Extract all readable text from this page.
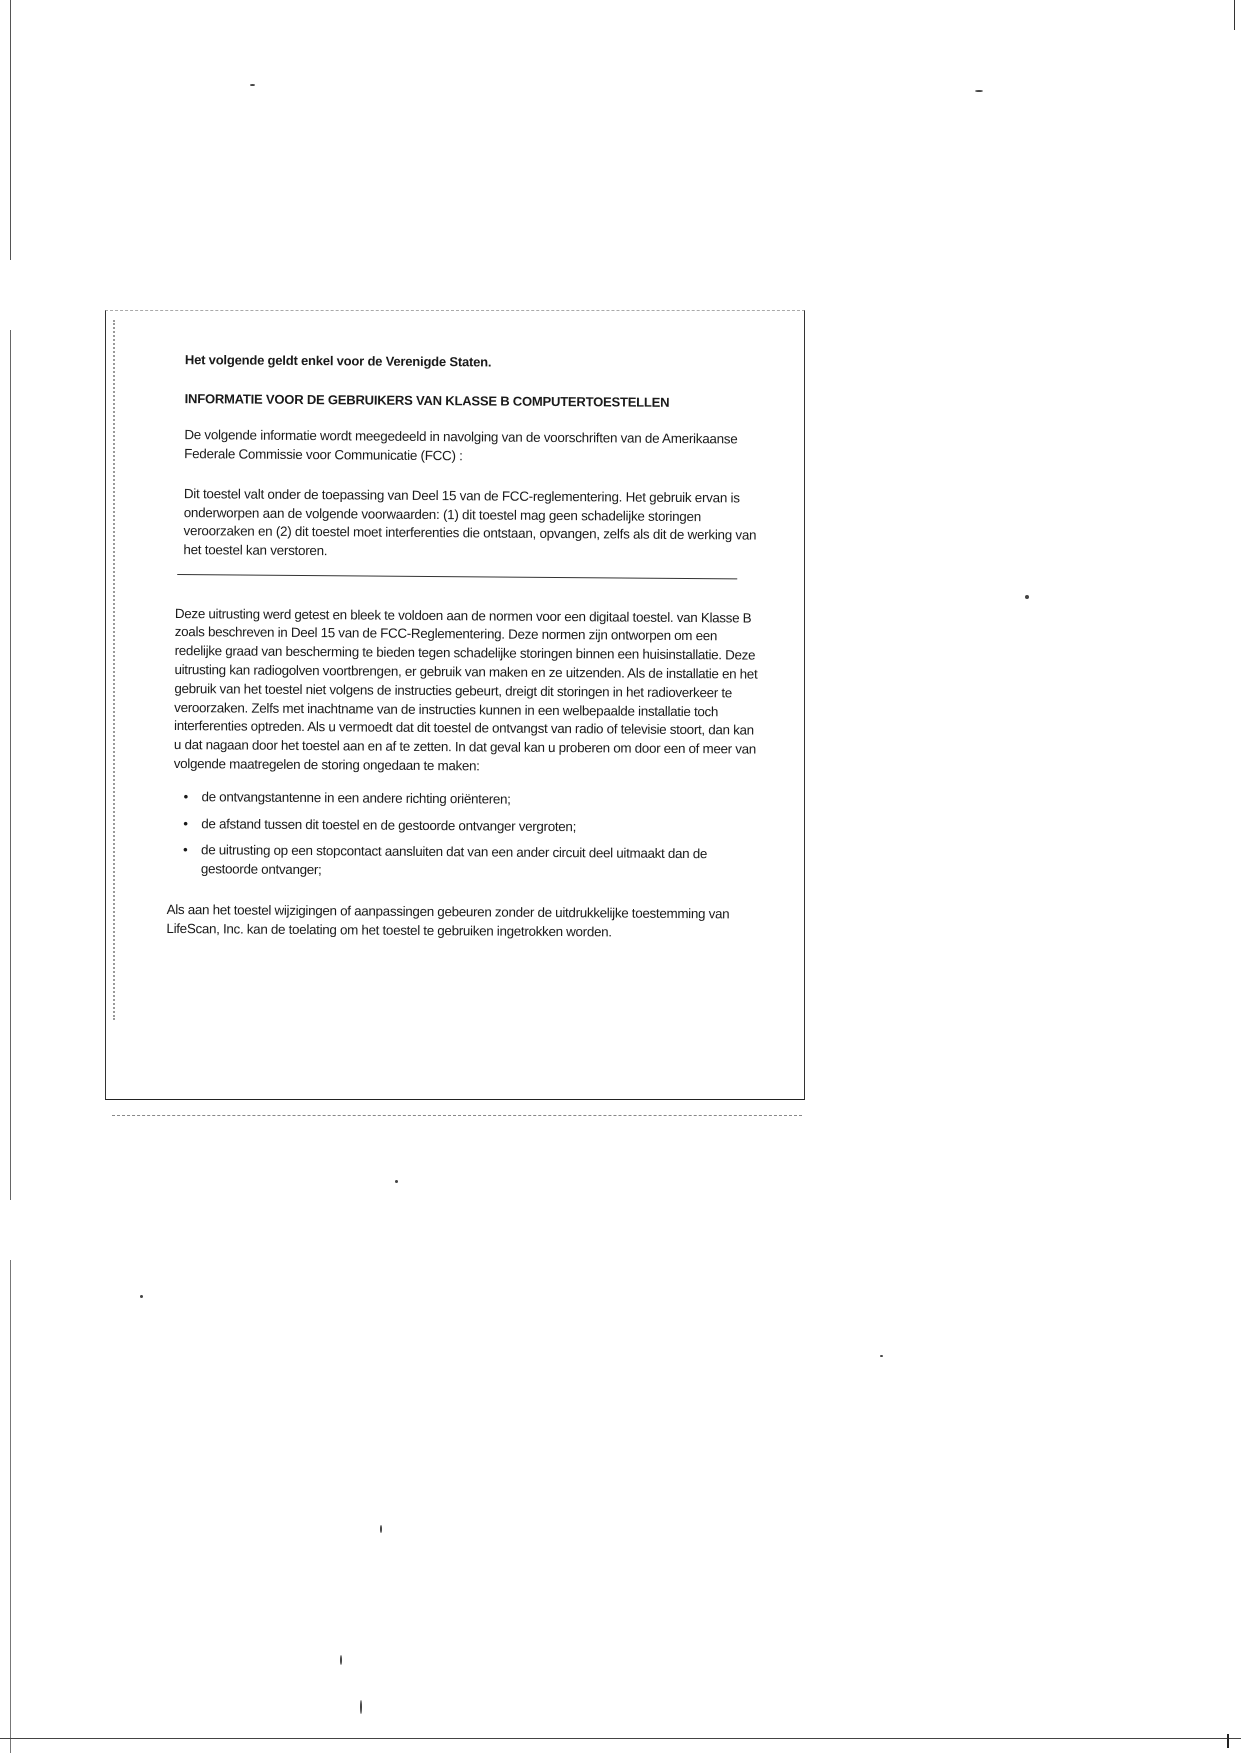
Het volgende geldt enkel voor de Verenigde Staten.

INFORMATIE VOOR DE GEBRUIKERS VAN KLASSE B COMPUTERTOESTELLEN

De volgende informatie wordt meegedeeld in navolging van de voorschriften van de Amerikaanse Federale Commissie voor Communicatie (FCC) :

Dit toestel valt onder de toepassing van Deel 15 van de FCC-reglementering. Het gebruik ervan is onderworpen aan de volgende voorwaarden: (1) dit toestel mag geen schadelijke storingen veroorzaken en (2) dit toestel moet interferenties die ontstaan, opvangen, zelfs als dit de werking van het toestel kan verstoren.

Deze uitrusting werd getest en bleek te voldoen aan de normen voor een digitaal toestel. van Klasse B zoals beschreven in Deel 15 van de FCC-Reglementering. Deze normen zijn ontworpen om een redelijke graad van bescherming te bieden tegen schadelijke storingen binnen een huisinstallatie. Deze uitrusting kan radiogolven voortbrengen, er gebruik van maken en ze uitzenden. Als de installatie en het gebruik van het toestel niet volgens de instructies gebeurt, dreigt dit storingen in het radioverkeer te veroorzaken. Zelfs met inachtname van de instructies kunnen in een welbepaalde installatie toch interferenties optreden. Als u vermoedt dat dit toestel de ontvangst van radio of televisie stoort, dan kan u dat nagaan door het toestel aan en af te zetten. In dat geval kan u proberen om door een of meer van volgende maatregelen de storing ongedaan te maken:

• de ontvangstantenne in een andere richting oriënteren;
• de afstand tussen dit toestel en de gestoorde ontvanger vergroten;
• de uitrusting op een stopcontact aansluiten dat van een ander circuit deel uitmaakt dan de gestoorde ontvanger;

Als aan het toestel wijzigingen of aanpassingen gebeuren zonder de uitdrukkelijke toestemming van LifeScan, Inc. kan de toelating om het toestel te gebruiken ingetrokken worden.
